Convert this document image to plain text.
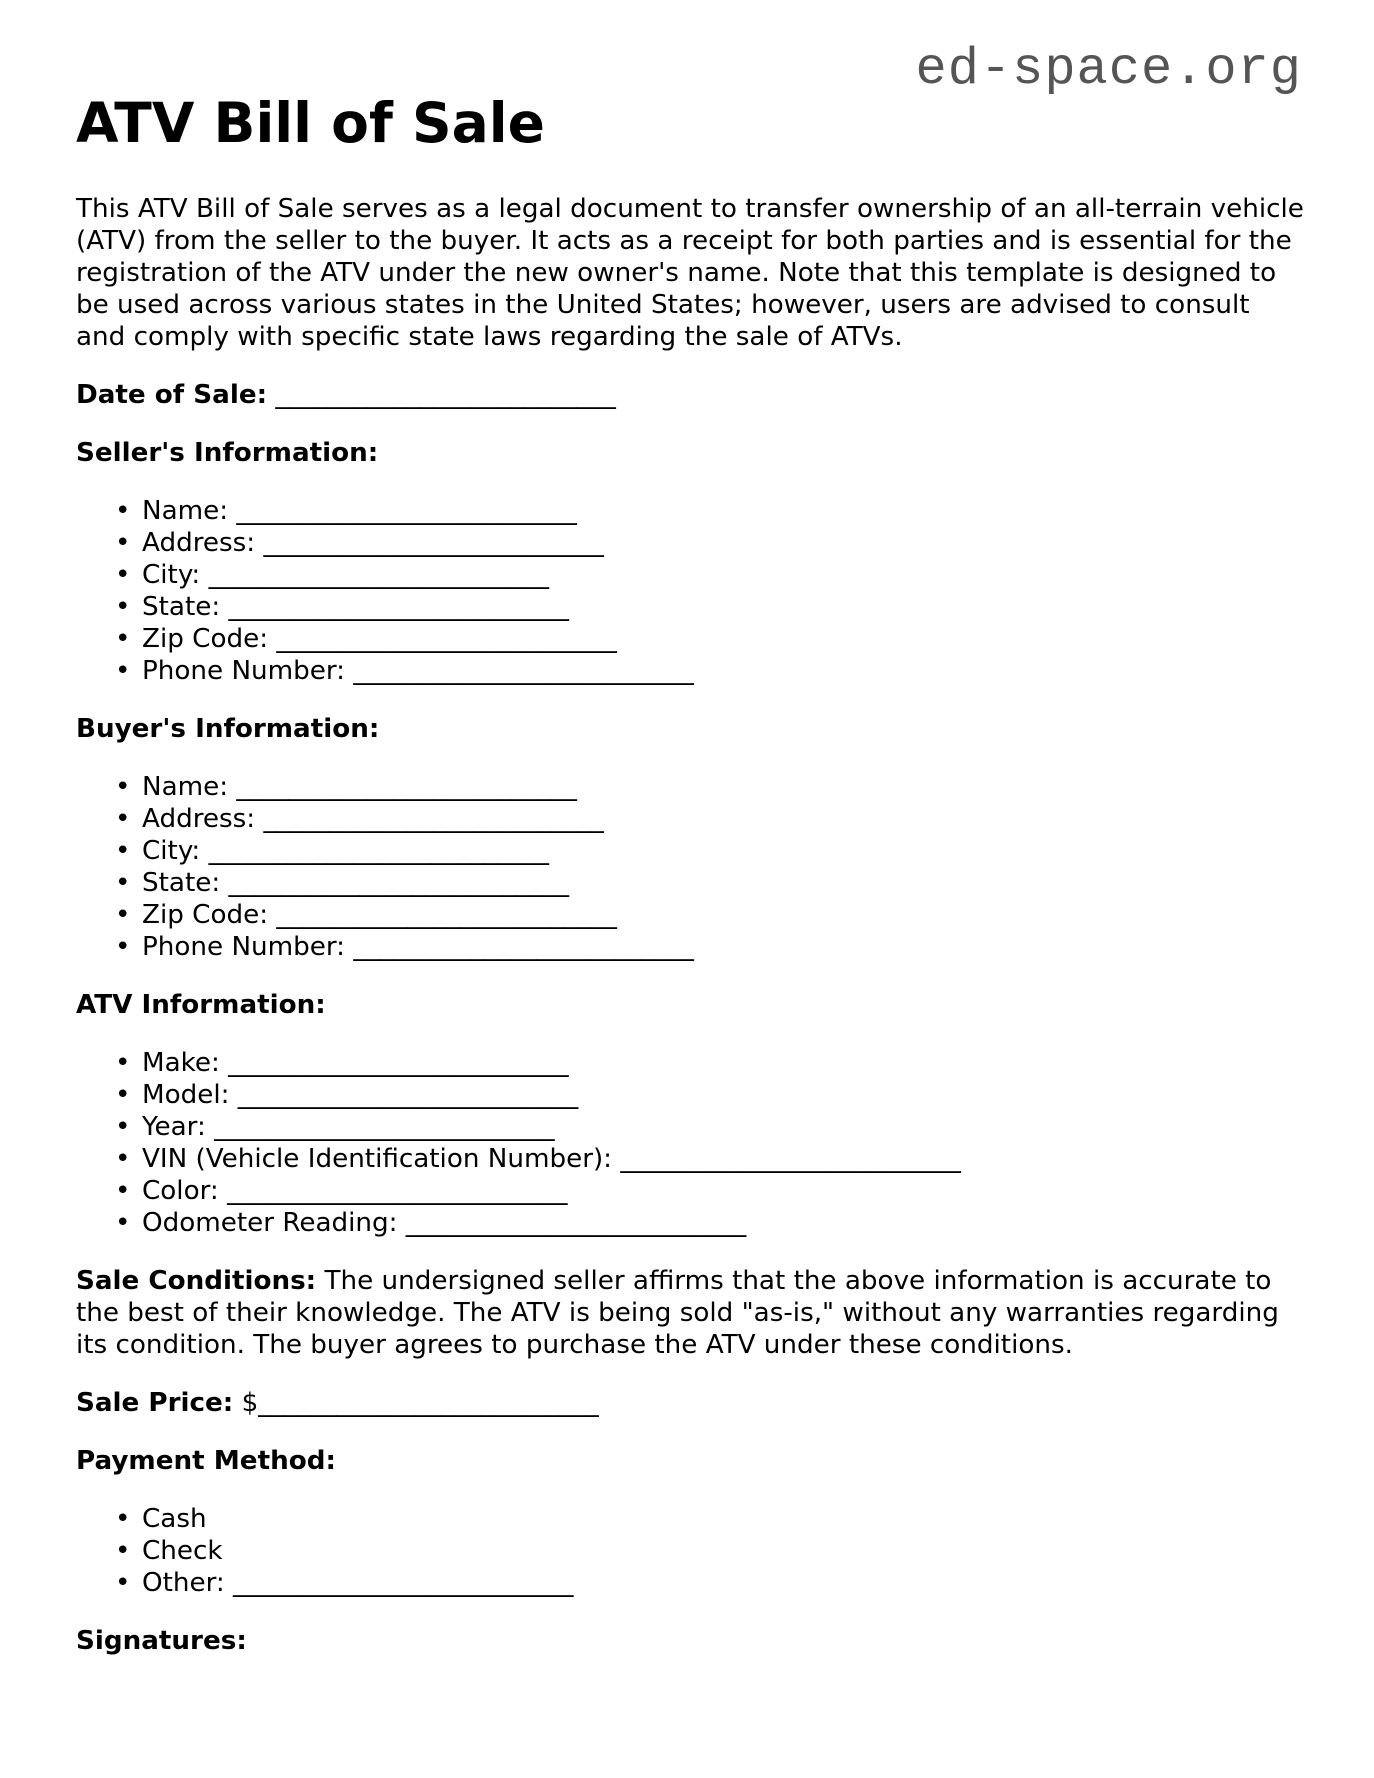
ed-space.org
ATV Bill of Sale

This ATV Bill of Sale serves as a legal document to transfer ownership of an all-terrain vehicle (ATV) from the seller to the buyer. It acts as a receipt for both parties and is essential for the registration of the ATV under the new owner's name. Note that this template is designed to be used across various states in the United States; however, users are advised to consult and comply with specific state laws regarding the sale of ATVs.

Date of Sale: __________________________

Seller's Information:
• Name: __________________________
• Address: __________________________
• City: __________________________
• State: __________________________
• Zip Code: __________________________
• Phone Number: __________________________
Buyer's Information:
• Name: __________________________
• Address: __________________________
• City: __________________________
• State: __________________________
• Zip Code: __________________________
• Phone Number: __________________________
ATV Information:
• Make: __________________________
• Model: __________________________
• Year: __________________________
• VIN (Vehicle Identification Number): __________________________
• Color: __________________________
• Odometer Reading: __________________________

Sale Conditions: The undersigned seller affirms that the above information is accurate to the best of their knowledge. The ATV is being sold "as-is," without any warranties regarding its condition. The buyer agrees to purchase the ATV under these conditions.

Sale Price: $__________________________

Payment Method:
• Cash
• Check
• Other: __________________________
Signatures:
